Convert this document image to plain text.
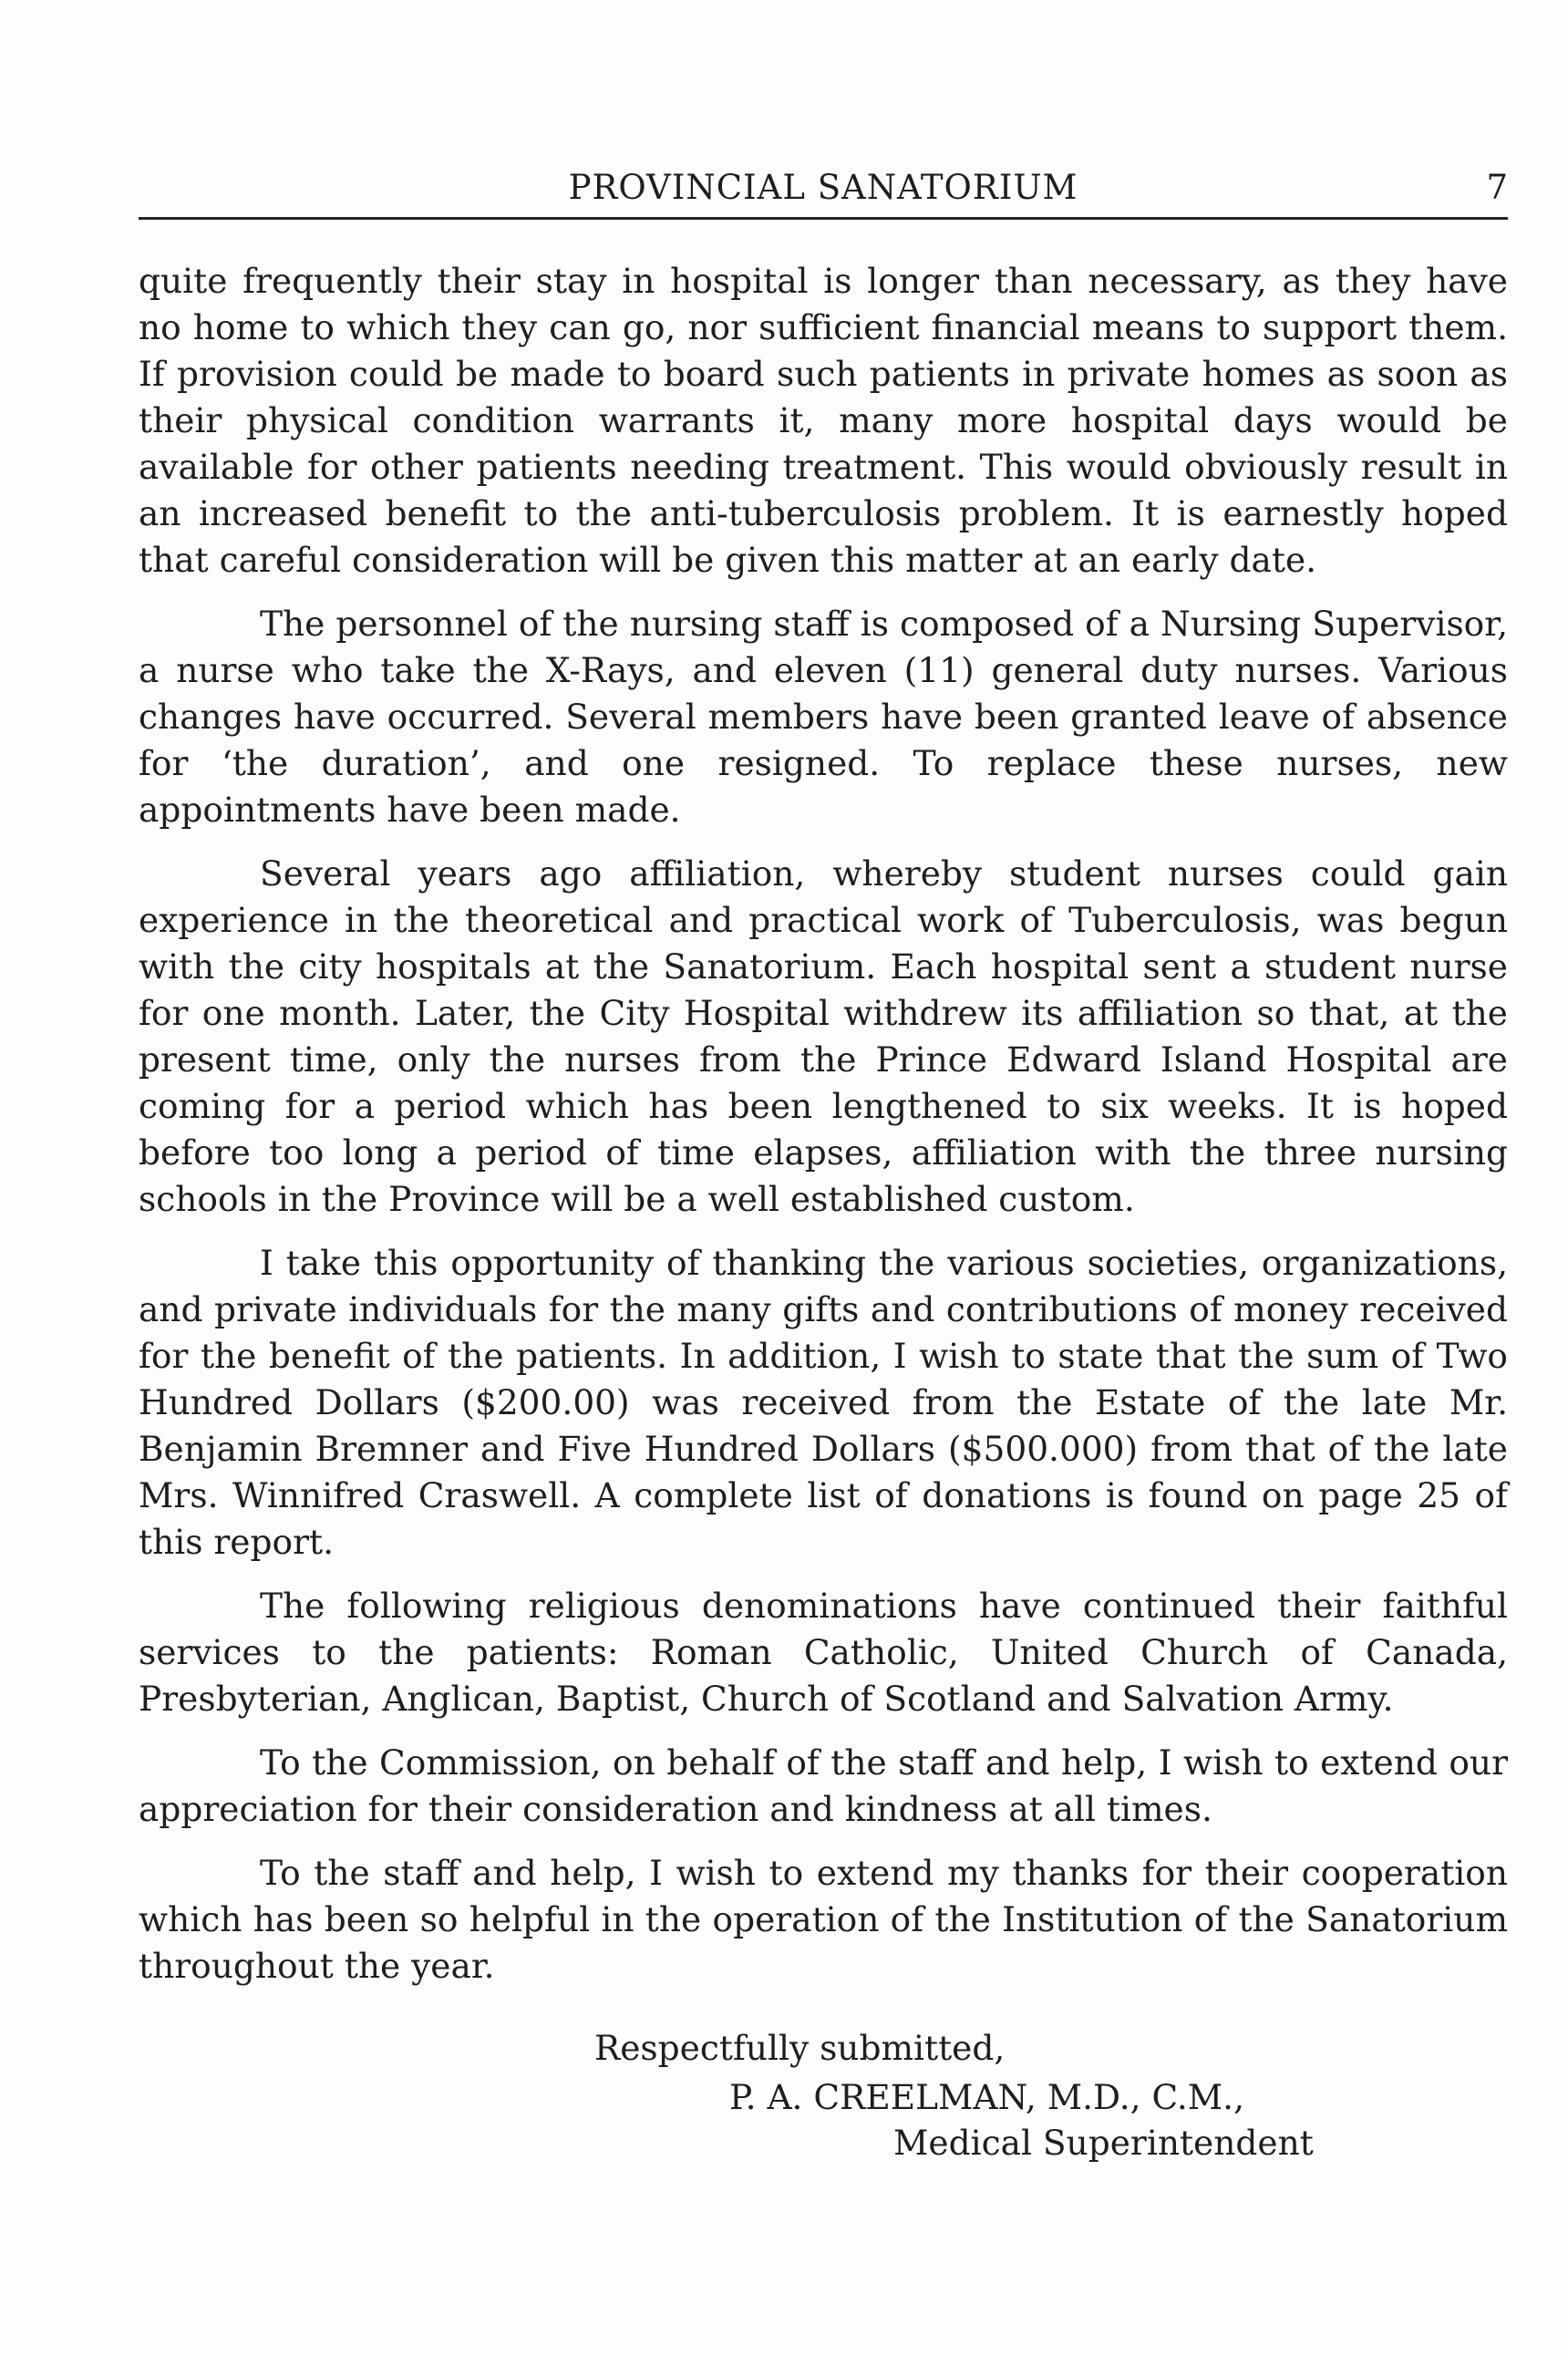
PROVINCIAL SANATORIUM	7

quite frequently their stay in hospital is longer than necessary, as they have no home to which they can go, nor sufficient financial means to support them. If provision could be made to board such patients in private homes as soon as their physical condition warrants it, many more hospital days would be available for other patients needing treatment. This would obviously result in an increased benefit to the anti-tuberculosis problem. It is earnestly hoped that careful consideration will be given this matter at an early date.

The personnel of the nursing staff is composed of a Nursing Supervisor, a nurse who take the X-Rays, and eleven (11) general duty nurses. Various changes have occurred. Several members have been granted leave of absence for ‘the duration’, and one resigned. To replace these nurses, new appointments have been made.

Several years ago affiliation, whereby student nurses could gain experience in the theoretical and practical work of Tuberculosis, was begun with the city hospitals at the Sanatorium. Each hospital sent a student nurse for one month. Later, the City Hospital withdrew its affiliation so that, at the present time, only the nurses from the Prince Edward Island Hospital are coming for a period which has been lengthened to six weeks. It is hoped before too long a period of time elapses, affiliation with the three nursing schools in the Province will be a well established custom.

I take this opportunity of thanking the various societies, organizations, and private individuals for the many gifts and contributions of money received for the benefit of the patients. In addition, I wish to state that the sum of Two Hundred Dollars ($200.00) was received from the Estate of the late Mr. Benjamin Bremner and Five Hundred Dollars ($500.000) from that of the late Mrs. Winnifred Craswell. A complete list of donations is found on page 25 of this report.

The following religious denominations have continued their faithful services to the patients: Roman Catholic, United Church of Canada, Presbyterian, Anglican, Baptist, Church of Scotland and Salvation Army.

To the Commission, on behalf of the staff and help, I wish to extend our appreciation for their consideration and kindness at all times.

To the staff and help, I wish to extend my thanks for their cooperation which has been so helpful in the operation of the Institution of the Sanatorium throughout the year.

Respectfully submitted,
P. A. CREELMAN, M.D., C.M.,
Medical Superintendent
